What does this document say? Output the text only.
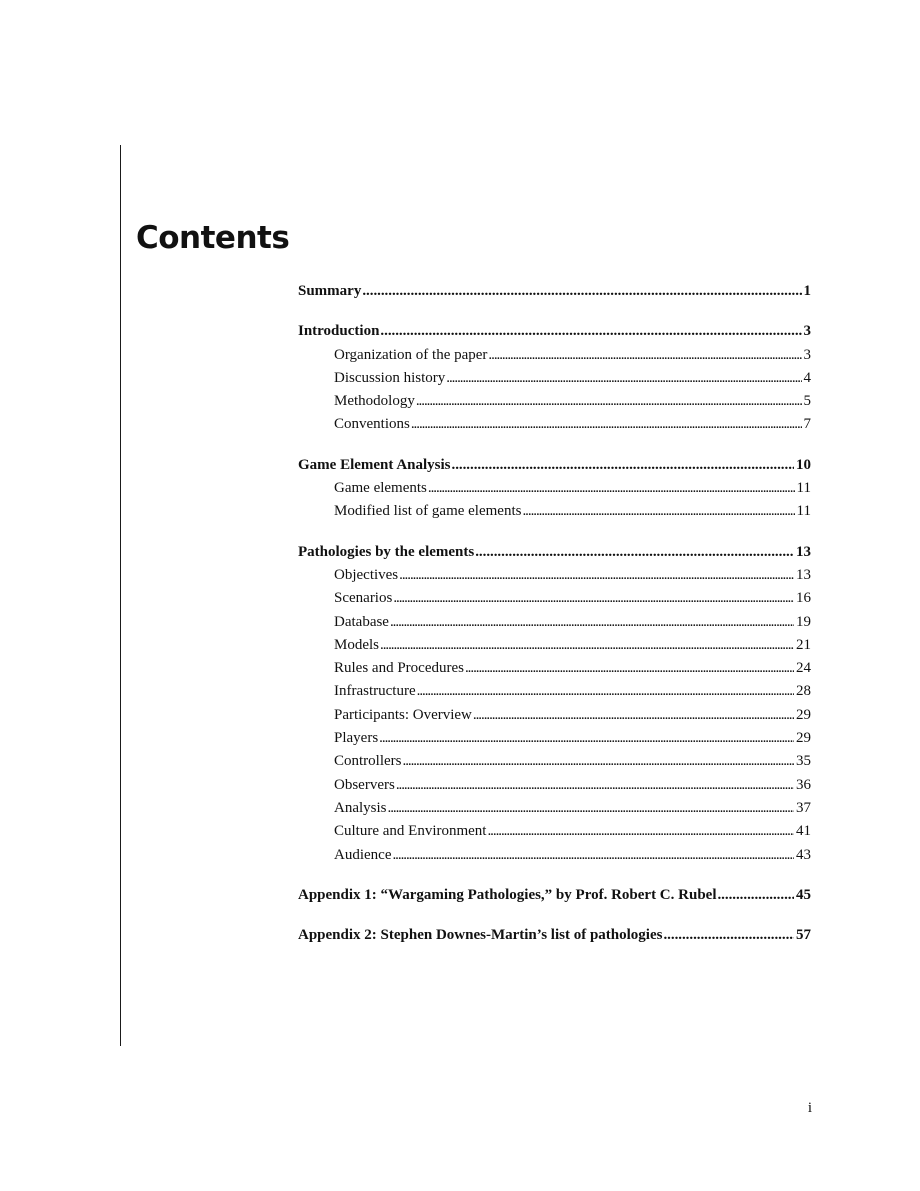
Contents
Summary . . .	1
Introduction . . .	3
Organization of the paper . . .	3
Discussion history . . .	4
Methodology . . .	5
Conventions . . .	7
Game Element Analysis . . .	10
Game elements . . .	11
Modified list of game elements . . .	11
Pathologies by the elements . . .	13
Objectives . . .	13
Scenarios . . .	16
Database . . .	19
Models . . .	21
Rules and Procedures . . .	24
Infrastructure . . .	28
Participants: Overview . . .	29
Players . . .	29
Controllers . . .	35
Observers . . .	36
Analysis . . .	37
Culture and Environment . . .	41
Audience . . .	43
Appendix 1: “Wargaming Pathologies,” by Prof. Robert C. Rubel . . .	45
Appendix 2: Stephen Downes-Martin’s list of pathologies . . .	57
i
